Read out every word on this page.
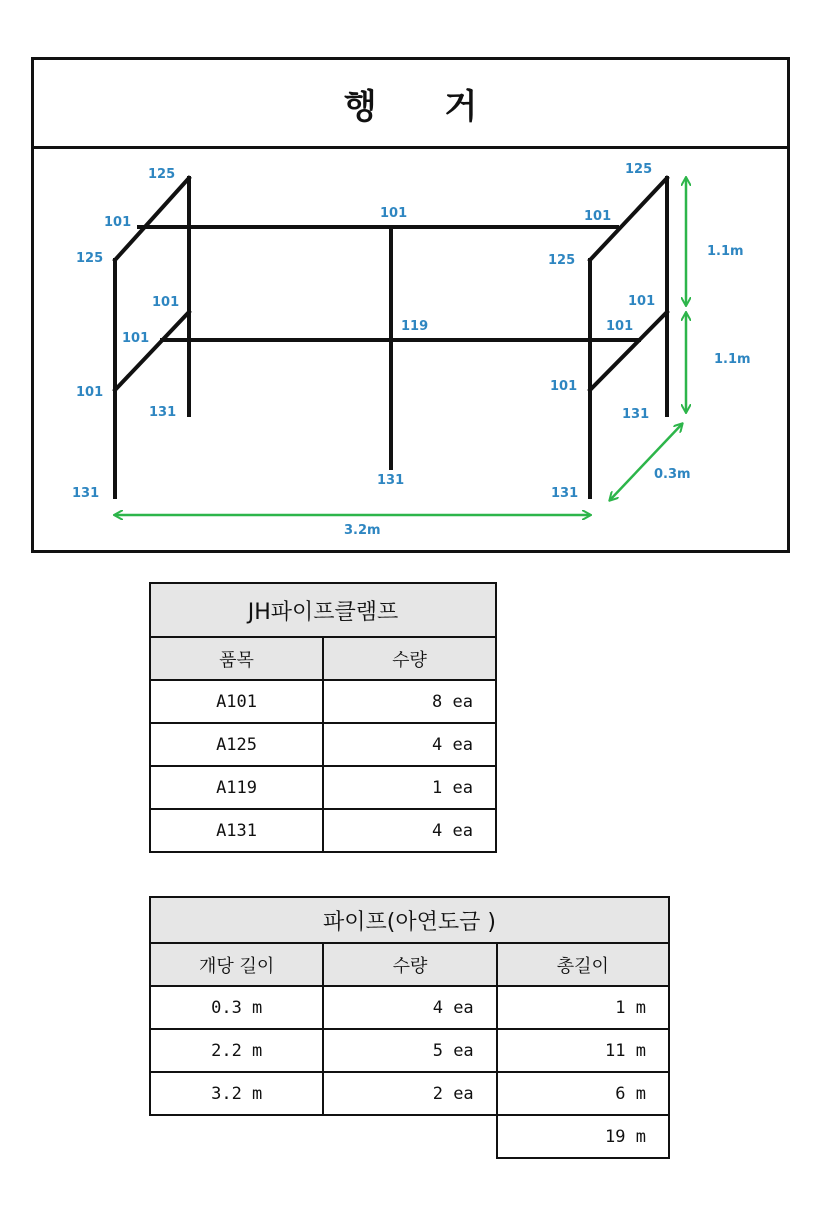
행 거
125
101
125
101	101
125
125
101
101
101
119
101
101
101
131
131
131
131
131
1.1m
1.1m
0.3m
3.2m
JH파이프클램프	
품목	수량
A101	8 ea
A125	4 ea
A119	1 ea
A131	4 ea
파이프(아연도금 )		
개당 길이	수량	총길이
0.3 m	4 ea	1 m
2.2 m	5 ea	11 m
3.2 m	2 ea	6 m
		19 m
